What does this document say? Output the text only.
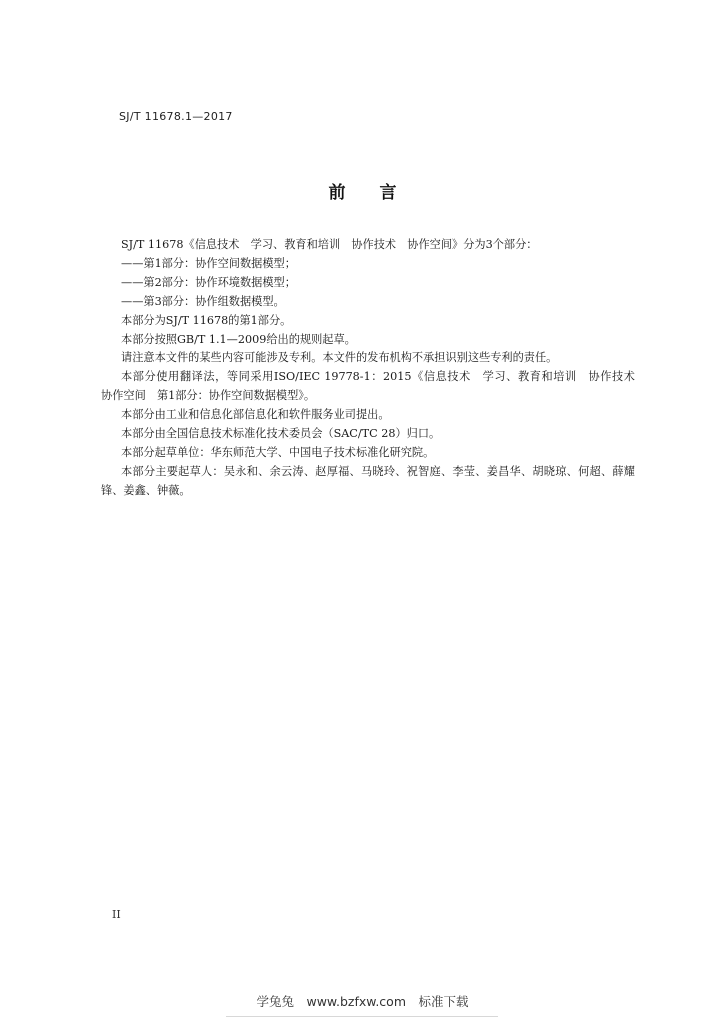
SJ/T 11678.1—2017
前言

SJ/T 11678《信息技术　学习、教育和培训　协作技术　协作空间》分为3个部分：

——第1部分：协作空间数据模型；

——第2部分：协作环境数据模型；

——第3部分：协作组数据模型。

本部分为SJ/T 11678的第1部分。

本部分按照GB/T 1.1—2009给出的规则起草。

请注意本文件的某些内容可能涉及专利。本文件的发布机构不承担识别这些专利的责任。

本部分使用翻译法，等同采用ISO/IEC 19778-1：2015《信息技术　学习、教育和培训　协作技术　协作空间　第1部分：协作空间数据模型》。

本部分由工业和信息化部信息化和软件服务业司提出。

本部分由全国信息技术标准化技术委员会（SAC/TC 28）归口。

本部分起草单位：华东师范大学、中国电子技术标准化研究院。

本部分主要起草人：吴永和、余云涛、赵厚福、马晓玲、祝智庭、李莹、姜昌华、胡晓琼、何超、薛耀锋、姜鑫、钟薇。

II
学兔兔　www.bzfxw.com　标准下载
